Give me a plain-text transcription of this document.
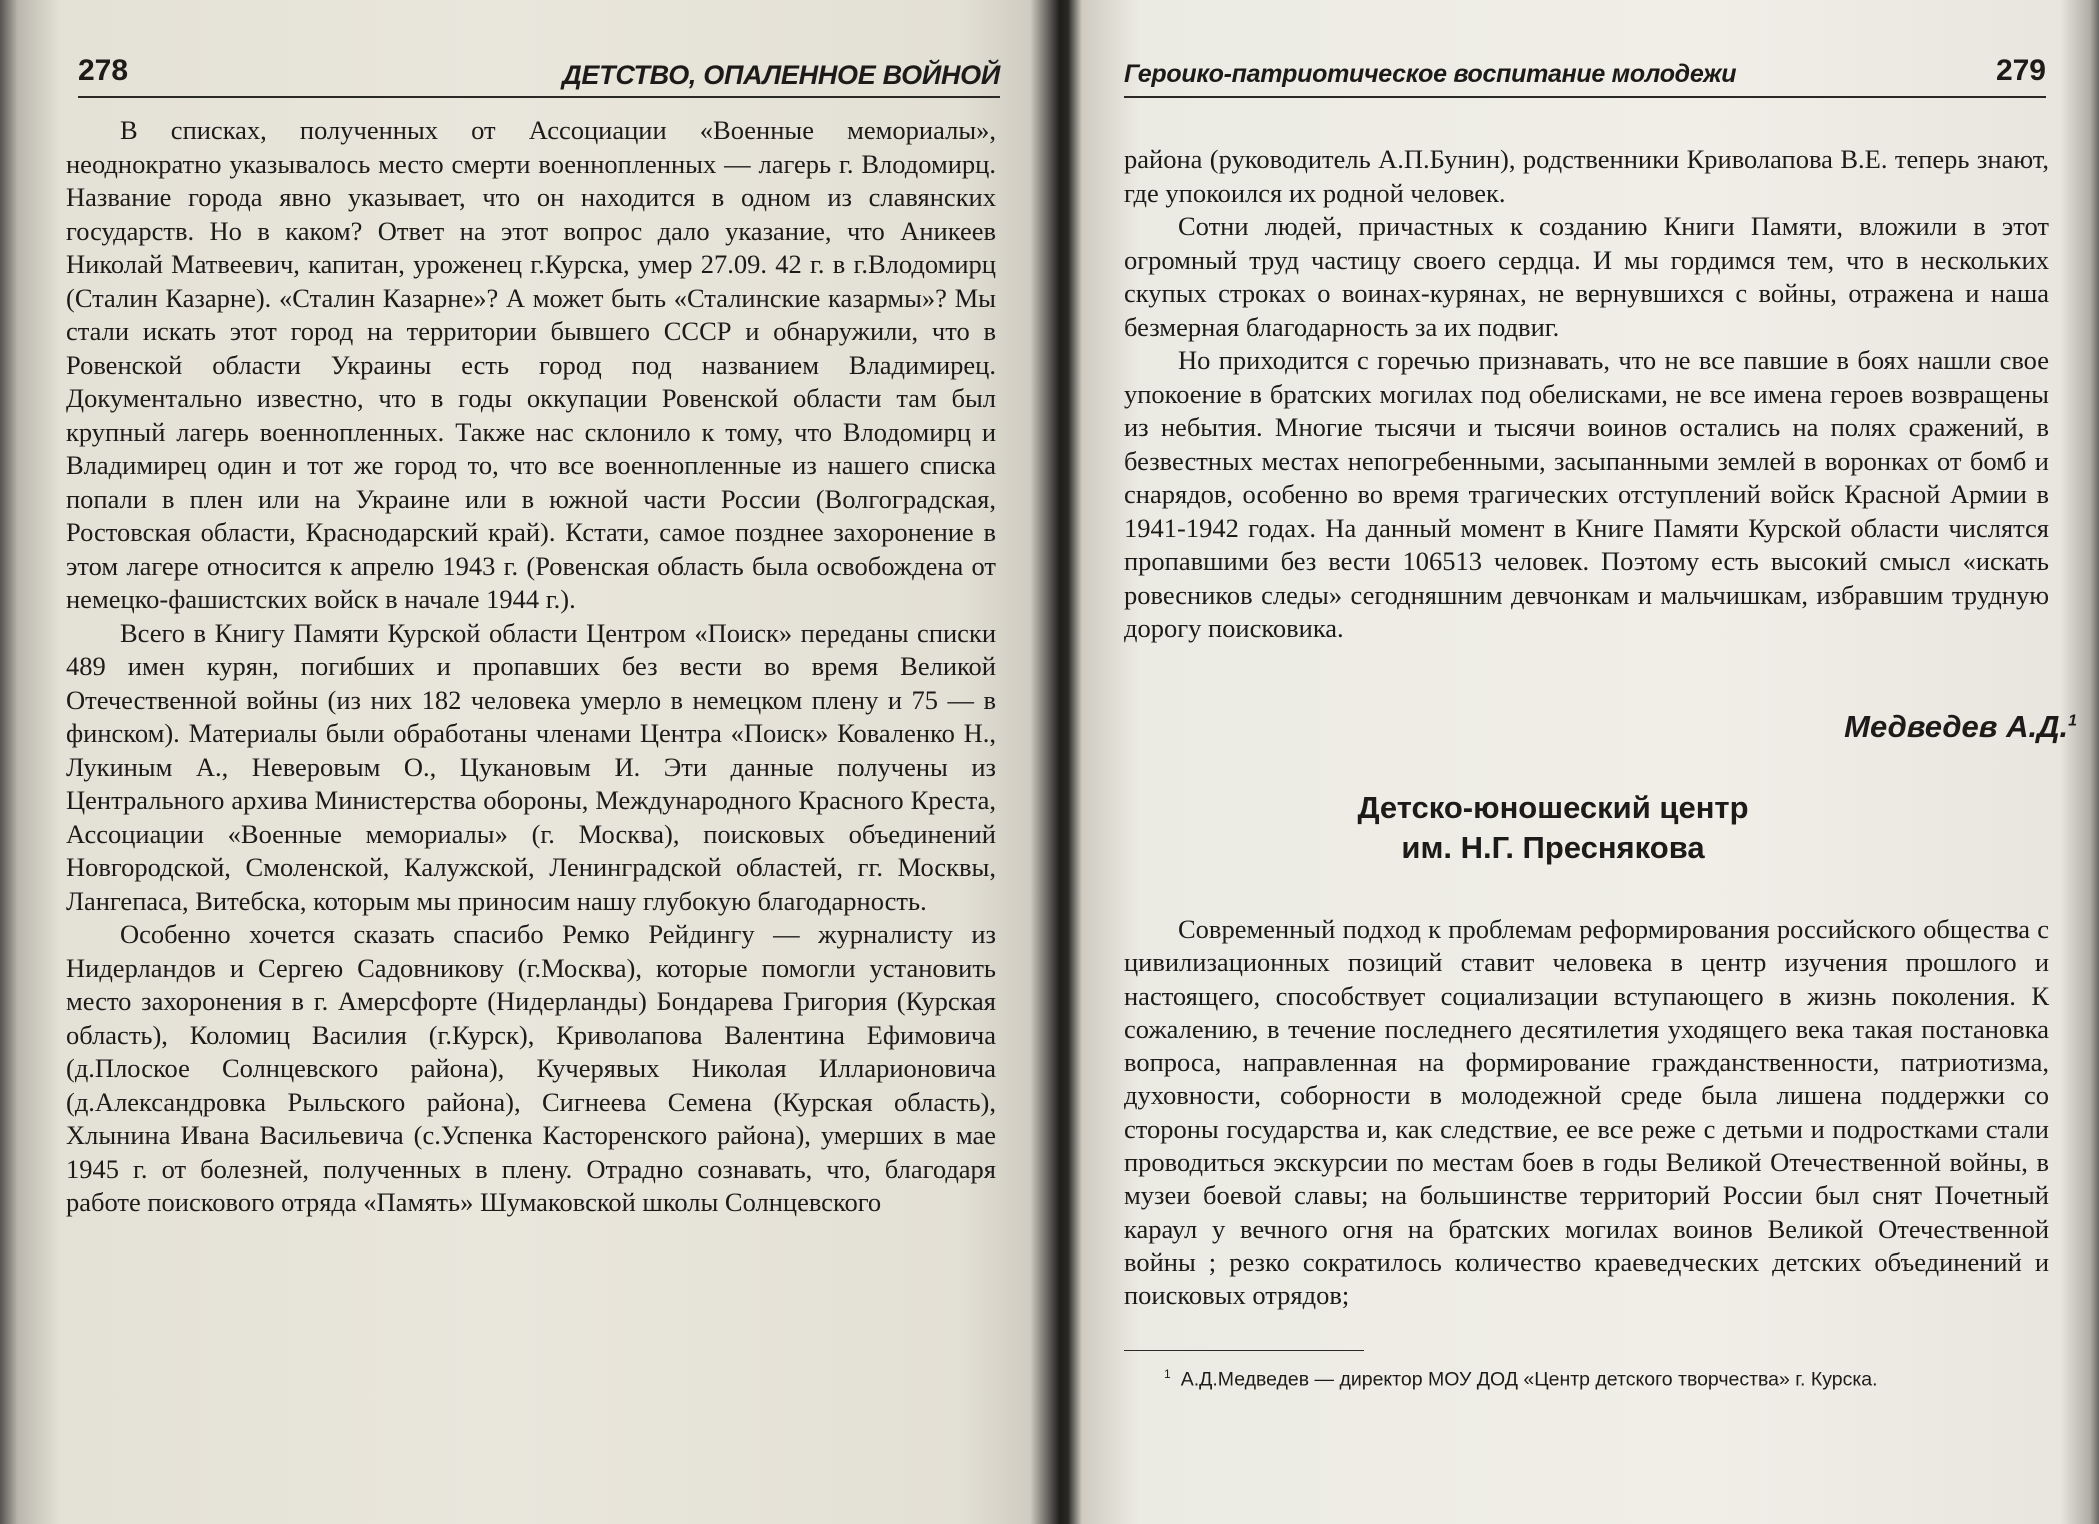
278	ДЕТСТВО, ОПАЛЕННОЕ ВОЙНОЙ

В списках, полученных от Ассоциации «Военные мемориалы», неоднократно указывалось место смерти военнопленных — лагерь г. Влодомирц. Название города явно указывает, что он находится в одном из славянских государств. Но в каком? Ответ на этот вопрос дало указание, что Аникеев Николай Матвеевич, капитан, уроженец г.Курска, умер 27.09. 42 г. в г.Влодомирц (Сталин Казарне). «Сталин Казарне»? А может быть «Сталинские казармы»? Мы стали искать этот город на территории бывшего СССР и обнаружили, что в Ровенской области Украины есть город под названием Владимирец. Документально известно, что в годы оккупации Ровенской области там был крупный лагерь военнопленных. Также нас склонило к тому, что Влодомирц и Владимирец один и тот же город то, что все военнопленные из нашего списка попали в плен или на Украине или в южной части России (Волгоградская, Ростовская области, Краснодарский край). Кстати, самое позднее захоронение в этом лагере относится к апрелю 1943 г. (Ровенская область была освобождена от немецко-фашистских войск в начале 1944 г.).

Всего в Книгу Памяти Курской области Центром «Поиск» переданы списки 489 имен курян, погибших и пропавших без вести во время Великой Отечественной войны (из них 182 человека умерло в немецком плену и 75 — в финском). Материалы были обработаны членами Центра «Поиск» Коваленко Н., Лукиным А., Неверовым О., Цукановым И. Эти данные получены из Центрального архива Министерства обороны, Международного Красного Креста, Ассоциации «Военные мемориалы» (г. Москва), поисковых объединений Новгородской, Смоленской, Калужской, Ленинградской областей, гг. Москвы, Лангепаса, Витебска, которым мы приносим нашу глубокую благодарность.

Особенно хочется сказать спасибо Ремко Рейдингу — журналисту из Нидерландов и Сергею Садовникову (г.Москва), которые помогли установить место захоронения в г. Амерсфорте (Нидерланды) Бондарева Григория (Курская область), Коломиц Василия (г.Курск), Криволапова Валентина Ефимовича (д.Плоское Солнцевского района), Кучерявых Николая Илларионовича (д.Александровка Рыльского района), Сигнеева Семена (Курская область), Хлынина Ивана Васильевича (с.Успенка Касторенского района), умерших в мае 1945 г. от болезней, полученных в плену. Отрадно сознавать, что, благодаря работе поискового отряда «Память» Шумаковской школы Солнцевского

Героико-патриотическое воспитание молодежи	279

района (руководитель А.П.Бунин), родственники Криволапова В.Е. теперь знают, где упокоился их родной человек.

Сотни людей, причастных к созданию Книги Памяти, вложили в этот огромный труд частицу своего сердца. И мы гордимся тем, что в нескольких скупых строках о воинах-курянах, не вернувшихся с войны, отражена и наша безмерная благодарность за их подвиг.

Но приходится с горечью признавать, что не все павшие в боях нашли свое упокоение в братских могилах под обелисками, не все имена героев возвращены из небытия. Многие тысячи и тысячи воинов остались на полях сражений, в безвестных местах непогребенными, засыпанными землей в воронках от бомб и снарядов, особенно во время трагических отступлений войск Красной Армии в 1941-1942 годах. На данный момент в Книге Памяти Курской области числятся пропавшими без вести 106513 человек. Поэтому есть высокий смысл «искать ровесников следы» сегодняшним девчонкам и мальчишкам, избравшим трудную дорогу поисковика.

Медведев А.Д.$^1$
Детско-юношеский центр
им. Н.Г. Преснякова

Современный подход к проблемам реформирования российского общества с цивилизационных позиций ставит человека в центр изучения прошлого и настоящего, способствует социализации вступающего в жизнь поколения. К сожалению, в течение последнего десятилетия уходящего века такая постановка вопроса, направленная на формирование гражданственности, патриотизма, духовности, соборности в молодежной среде была лишена поддержки со стороны государства и, как следствие, ее все реже с детьми и подростками стали проводиться экскурсии по местам боев в годы Великой Отечественной войны, в музеи боевой славы; на большинстве территорий России был снят Почетный караул у вечного огня на братских могилах воинов Великой Отечественной войны ; резко сократилось количество краеведческих детских объединений и поисковых отрядов;

$^1$ А.Д.Медведев — директор МОУ ДОД «Центр детского творчества» г. Курска.
